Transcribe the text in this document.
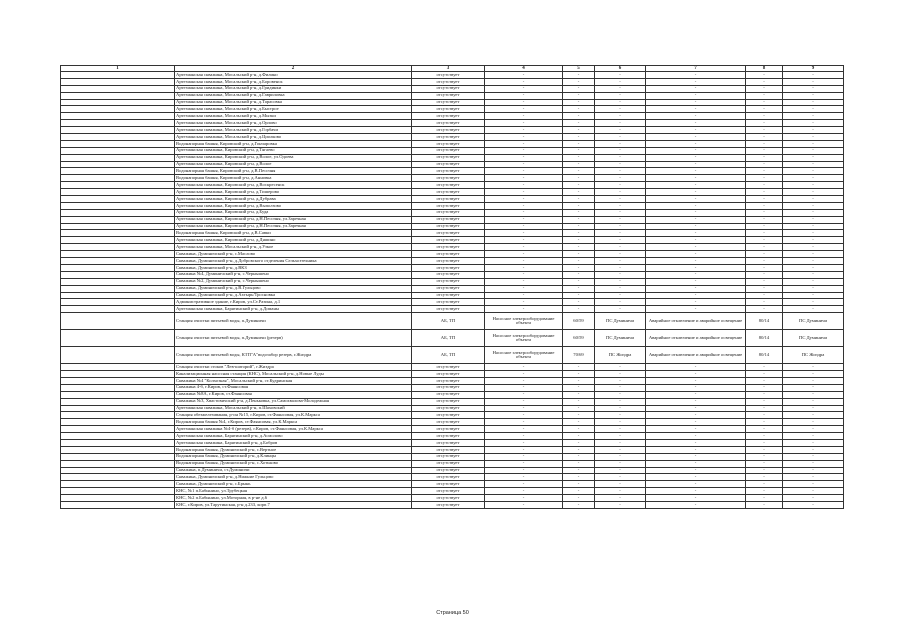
1	2	3	4	5	6	7	8	9
	Артезианская скважина, Мосальский р-н, д.Филино	отсутствует	-	-	-	-	-	-
	Артезианская скважина, Мосальский р-н, д.Боровенск	отсутствует	-	-	-	-	-	-
	Артезианская скважина, Мосальский р-н, д.Гридинки	отсутствует	-	-	-	-	-	-
	Артезианская скважина, Мосальский р-н, д.Гавриловка	отсутствует	-	-	-	-	-	-
	Артезианская скважина, Мосальский р-н, д.Тарасовка	отсутствует	-	-	-	-	-	-
	Артезианская скважина, Мосальский р-н, д.Быстрое	отсутствует	-	-	-	-	-	-
	Артезианская скважина, Мосальский р-н, д.Мызки	отсутствует	-	-	-	-	-	-
	Артезианская скважина, Мосальский р-н, д.Орлово	отсутствует	-	-	-	-	-	-
	Артезианская скважина, Мосальский р-н, д.Горбачи	отсутствует	-	-	-	-	-	-
	Артезианская скважина, Мосальский р-н, д.Циолково	отсутствует	-	-	-	-	-	-
	Водонапорная башня, Кировский р-н, д.Гончаровка	отсутствует	-	-	-	-	-	-
	Артезианская скважина, Кировский р-н, д.Тягаево	отсутствует	-	-	-	-	-	-
	Артезианская скважина, Кировский р-н, д.Волое, ул.Одоева	отсутствует	-	-	-	-	-	-
	Артезианская скважина, Кировский р-н, д.Волое	отсутствует	-	-	-	-	-	-
	Водонапорная башня, Кировский р-н, д.В.Песочня	отсутствует	-	-	-	-	-	-
	Водонапорная башня, Кировский р-н, д.Анновка	отсутствует	-	-	-	-	-	-
	Артезианская скважина, Кировский р-н, д.Воскресенск	отсутствует	-	-	-	-	-	-
	Артезианская скважина, Кировский р-н, д.Тишерово	отсутствует	-	-	-	-	-	-
	Артезианская скважина, Кировский р-н, д.Дубрава	отсутствует	-	-	-	-	-	-
	Артезианская скважина, Кировский р-н, д.Выползово	отсутствует	-	-	-	-	-	-
	Артезианская скважина, Кировский р-н, д.Буда	отсутствует	-	-	-	-	-	-
	Артезианская скважина, Кировский р-н, д.Н.Песочня, ул.Заречная	отсутствует	-	-	-	-	-	-
	Артезианская скважина, Кировский р-н, д.Н.Песочня, ул.Заречная	отсутствует	-	-	-	-	-	-
	Водонапорная башня, Кировский р-н, д.В.Савки	отсутствует	-	-	-	-	-	-
	Артезианская скважина, Кировский р-н, д.Дяшино	отсутствует	-	-	-	-	-	-
	Артезианская скважина, Мосальский р-н, д.Узкое	отсутствует	-	-	-	-	-	-
	Скважина, Думиничский р-н, с.Маслово	отсутствует	-	-	-	-	-	-
	Скважина, Думиничский р-н, д.Добровского отделения Сельхозтехника	отсутствует	-	-	-	-	-	-
	Скважина, Думиничский р-н, д.ВКЗ	отсутствует	-	-	-	-	-	-
	Скважина №4, Думиничский р-н, с.Чернышено	отсутствует	-	-	-	-	-	-
	Скважина №2, Думиничский р-н, с.Чернышено	отсутствует	-	-	-	-	-	-
	Скважина, Думиничский р-н, д.В.Гульцово	отсутствует	-	-	-	-	-	-
	Скважина, Думиничский р-н, д.Ахтырь/Тросновка	отсутствует	-	-	-	-	-	-
	Административное здание, г.Киров, ул.Ст.Разина, д.1	отсутствует	-	-	-	-	-	-
	Артезианская скважина, Барятинский р-н, д.Доманы	отсутствует	-	-	-	-	-	-
	Станция очистки питьевой воды, п.Думиничи	АБ, ТП	Насосное электрооборудование объекта	60/59	ПС Думиничи	Аварийное отключение и аварийное освещение	80/14	ПС Думиничи
	Станция очистки питьевой воды, п.Думиничи (резерв)	АБ, ТП	Насосное электрооборудование объекта	60/59	ПС Думиничи	Аварийное отключение и аварийное освещение	80/14	ПС Думиничи
	Станция очистки питьевой воды, КТП"А"водозабор резерв, г.Жиздра	АБ, ТП	Насосное электрооборудование объекта	70/69	ПС Жиздра	Аварийное отключение и аварийное освещение	80/14	ПС Жиздра
	Станция очистки стоков "Лев-шаторий", г.Жиздра	отсутствует	-	-	-	-	-	-
	Канализационная насосная станция (КНС), Мосальский р-н, д.Новые Луды	отсутствует	-	-	-	-	-	-
	Скважина №4 "Колхозная", Мосальский р-н, ст.Кудринская	отсутствует	-	-	-	-	-	-
	Скважина 4-б, г.Киров, ст.Фаянсовая	отсутствует	-	-	-	-	-	-
	Скважина №8А, г.Киров, ст.Фаянсовая	отсутствует	-	-	-	-	-	-
	Скважина №3, Хвастовичский р-н, д.Пеньковка, ул.Самохвалова-Молодежная	отсутствует	-	-	-	-	-	-
	Артезианская скважина, Мосальский р-н, п.Шаховский	отсутствует	-	-	-	-	-	-
	Станция обезжелезивания, р-он №15, г.Киров, ст.Фаянсовая, ул.К.Маркса	отсутствует	-	-	-	-	-	-
	Водонапорная башня №4, г.Киров, ст.Фаянсовая, ул.К.Маркса	отсутствует	-	-	-	-	-	-
	Артезианская скважина №4-б (резерв), г.Киров, ст.Фаянсовая, ул.К.Маркса	отсутствует	-	-	-	-	-	-
	Артезианская скважина, Барятинский р-н, д.Асмолово	отсутствует	-	-	-	-	-	-
	Артезианская скважина, Барятинский р-н, д.Бобров	отсутствует	-	-	-	-	-	-
	Водонапорная башня, Думиничский р-н, с.Вертное	отсутствует	-	-	-	-	-	-
	Водонапорная башня, Думиничский р-н, д.Клинцы	отсутствует	-	-	-	-	-	-
	Водонапорная башня, Думиничский р-н, с.Хотьково	отсутствует	-	-	-	-	-	-
	Скважина, п.Думиничи, ст.Думиничи	отсутствует	-	-	-	-	-	-
	Скважина, Думиничский р-н, д.Нижние Гульцово	отсутствует	-	-	-	-	-	-
	Скважина, Думиничский р-н, с.Брынь	отсутствует	-	-	-	-	-	-
	КНС, №1 п.Бабынино, ул.Трубецкая	отсутствует	-	-	-	-	-	-
	КНС, №2 п.Бабынино, ул.Моторная, в р-не д.6	отсутствует	-	-	-	-	-	-
	КНС, г.Киров, ул.Тарутинская, р-н д.233, корп.7	отсутствует	-	-	-	-	-	-
Страница 50
